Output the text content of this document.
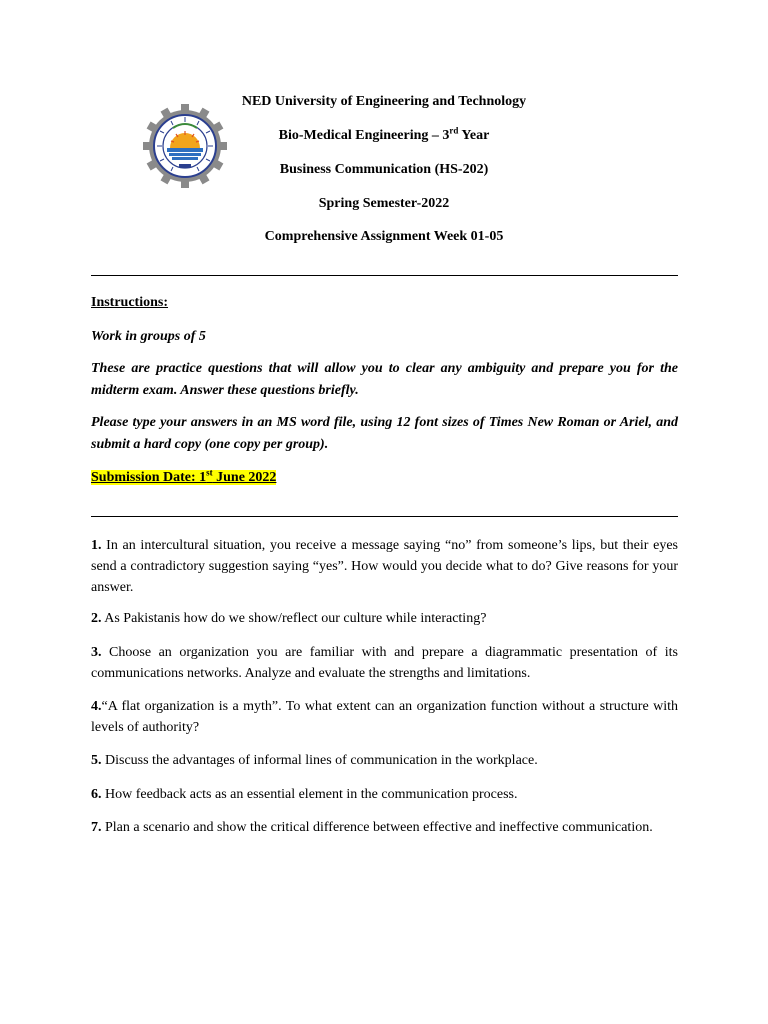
NED University of Engineering and Technology
Bio-Medical Engineering – 3rd Year
Business Communication (HS-202)
Spring Semester-2022
Comprehensive Assignment Week 01-05
Instructions:
Work in groups of 5
These are practice questions that will allow you to clear any ambiguity and prepare you for the midterm exam. Answer these questions briefly.
Please type your answers in an MS word file, using 12 font sizes of Times New Roman or Ariel, and submit a hard copy (one copy per group).
Submission Date: 1st June 2022
1. In an intercultural situation, you receive a message saying “no” from someone’s lips, but their eyes send a contradictory suggestion saying “yes”. How would you decide what to do? Give reasons for your answer.
2. As Pakistanis how do we show/reflect our culture while interacting?
3. Choose an organization you are familiar with and prepare a diagrammatic presentation of its communications networks. Analyze and evaluate the strengths and limitations.
4.“A flat organization is a myth”. To what extent can an organization function without a structure with levels of authority?
5. Discuss the advantages of informal lines of communication in the workplace.
6. How feedback acts as an essential element in the communication process.
7. Plan a scenario and show the critical difference between effective and ineffective communication.
